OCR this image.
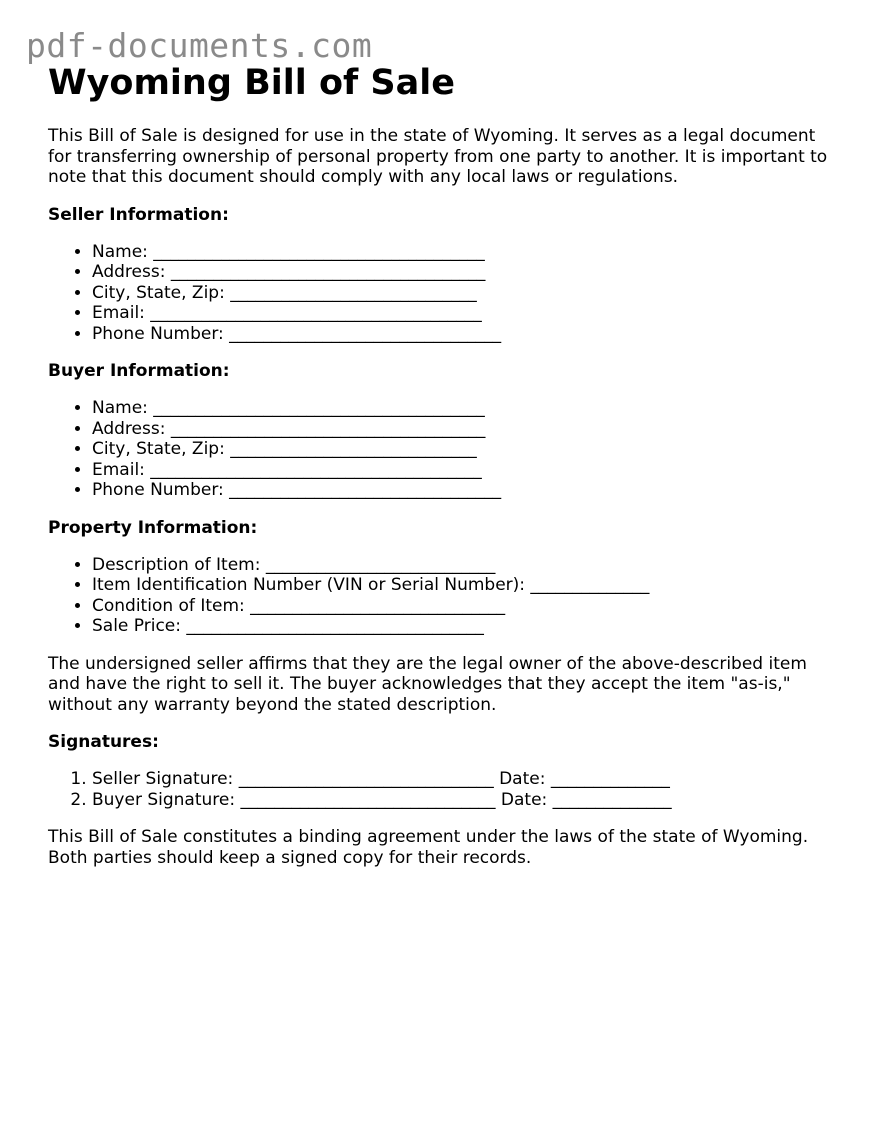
pdf-documents.com
Wyoming Bill of Sale

This Bill of Sale is designed for use in the state of Wyoming. It serves as a legal document for transferring ownership of personal property from one party to another. It is important to note that this document should comply with any local laws or regulations.

Seller Information:
• Name: _______________________________________
• Address: _____________________________________
• City, State, Zip: _____________________________
• Email: _______________________________________
• Phone Number: ________________________________
Buyer Information:
• Name: _______________________________________
• Address: _____________________________________
• City, State, Zip: _____________________________
• Email: _______________________________________
• Phone Number: ________________________________
Property Information:
• Description of Item: ___________________________
• Item Identification Number (VIN or Serial Number): ______________
• Condition of Item: ______________________________
• Sale Price: ___________________________________

The undersigned seller affirms that they are the legal owner of the above-described item and have the right to sell it. The buyer acknowledges that they accept the item "as-is," without any warranty beyond the stated description.

Signatures:
1. Seller Signature: ______________________________ Date: ______________
2. Buyer Signature: ______________________________ Date: ______________

This Bill of Sale constitutes a binding agreement under the laws of the state of Wyoming. Both parties should keep a signed copy for their records.
